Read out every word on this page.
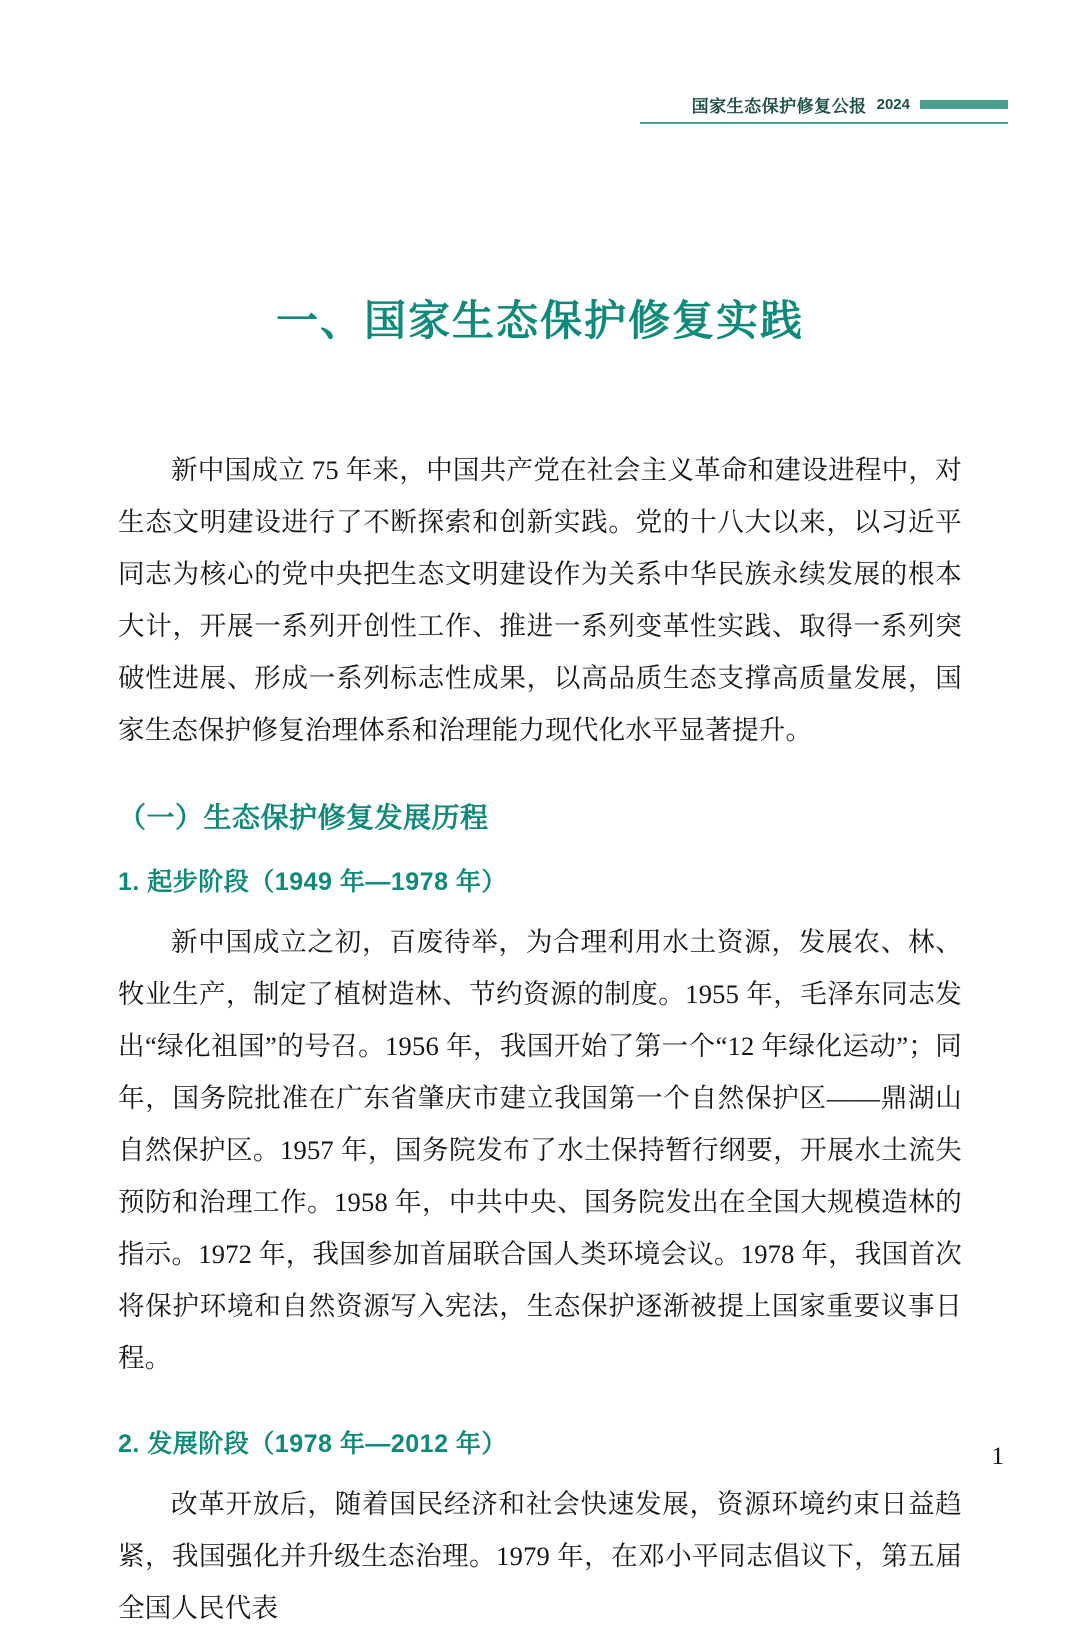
国家生态保护修复公报 2024
一、国家生态保护修复实践

新中国成立 75 年来，中国共产党在社会主义革命和建设进程中，对生态文明建设进行了不断探索和创新实践。党的十八大以来，以习近平同志为核心的党中央把生态文明建设作为关系中华民族永续发展的根本大计，开展一系列开创性工作、推进一系列变革性实践、取得一系列突破性进展、形成一系列标志性成果，以高品质生态支撑高质量发展，国家生态保护修复治理体系和治理能力现代化水平显著提升。

（一）生态保护修复发展历程
1. 起步阶段（1949 年—1978 年）

新中国成立之初，百废待举，为合理利用水土资源，发展农、林、牧业生产，制定了植树造林、节约资源的制度。1955 年，毛泽东同志发出“绿化祖国”的号召。1956 年，我国开始了第一个“12 年绿化运动”；同年，国务院批准在广东省肇庆市建立我国第一个自然保护区——鼎湖山自然保护区。1957 年，国务院发布了水土保持暂行纲要，开展水土流失预防和治理工作。1958 年，中共中央、国务院发出在全国大规模造林的指示。1972 年，我国参加首届联合国人类环境会议。1978 年，我国首次将保护环境和自然资源写入宪法，生态保护逐渐被提上国家重要议事日程。

2. 发展阶段（1978 年—2012 年）

改革开放后，随着国民经济和社会快速发展，资源环境约束日益趋紧，我国强化并升级生态治理。1979 年，在邓小平同志倡议下，第五届全国人民代表

1
